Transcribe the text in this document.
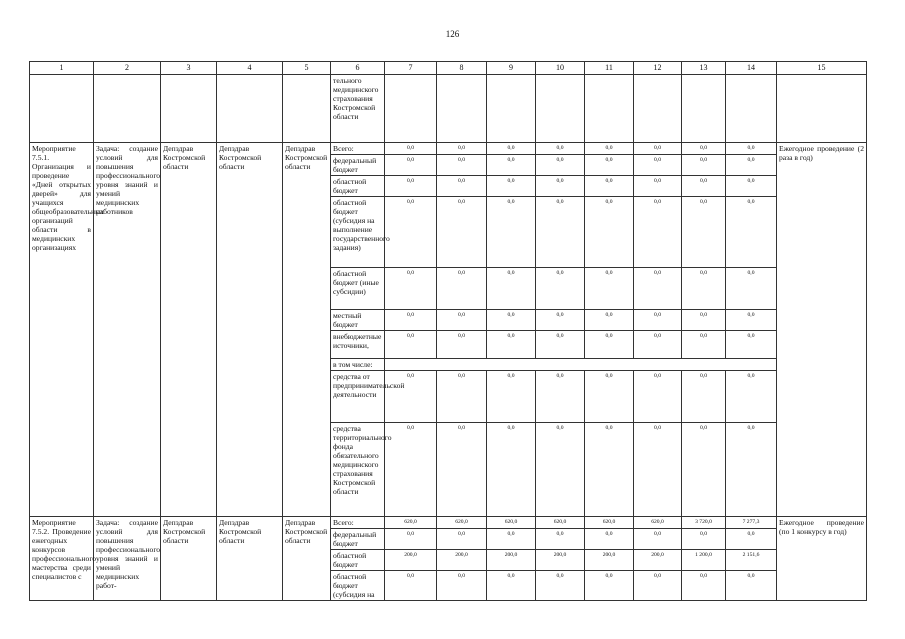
126
1	2	3	4	5	6	7	8	9	10	11	12	13	14	15
					тельного медицинского страхования Костромской области									
Мероприятие 7.5.1. Организация и проведение «Дней открытых дверей» для учащихся общеобразовательных организаций области в медицинских организациях	Задача: создание условий для повышения профессионального уровня знаний и умений медицинских работников	Депздрав Костромской области	Депздрав Костромской области	Депздрав Костромской области	Всего:	0,0	0,0	0,0	0,0	0,0	0,0	0,0	0,0	Ежегодное проведение (2 раза в год)
					федеральный бюджет	0,0	0,0	0,0	0,0	0,0	0,0	0,0	0,0	
					областной бюджет	0,0	0,0	0,0	0,0	0,0	0,0	0,0	0,0	
					областной бюджет (субсидия на выполнение государственного задания)	0,0	0,0	0,0	0,0	0,0	0,0	0,0	0,0	
					областной бюджет (иные субсидии)	0,0	0,0	0,0	0,0	0,0	0,0	0,0	0,0	
					местный бюджет	0,0	0,0	0,0	0,0	0,0	0,0	0,0	0,0	
					внебюджетные источники,	0,0	0,0	0,0	0,0	0,0	0,0	0,0	0,0	
					в том числе:									
					средства от предпринимательской деятельности	0,0	0,0	0,0	0,0	0,0	0,0	0,0	0,0	
					средства территориального фонда обязательного медицинского страхования Костромской области	0,0	0,0	0,0	0,0	0,0	0,0	0,0	0,0	
Мероприятие 7.5.2. Проведение ежегодных конкурсов профессионального мастерства среди специалистов с	Задача: создание условий для повышения профессионального уровня знаний и умений медицинских работ-	Депздрав Костромской области	Депздрав Костромской области	Депздрав Костромской области	Всего:	620,0	620,0	620,0	620,0	620,0	620,0	3 720,0	7 277,3	Ежегодное проведение (по 1 конкурсу в год)
					федеральный бюджет	0,0	0,0	0,0	0,0	0,0	0,0	0,0	0,0	
					областной бюджет	200,0	200,0	200,0	200,0	200,0	200,0	1 200,0	2 151,6	
					областной бюджет (субсидия на	0,0	0,0	0,0	0,0	0,0	0,0	0,0	0,0	
